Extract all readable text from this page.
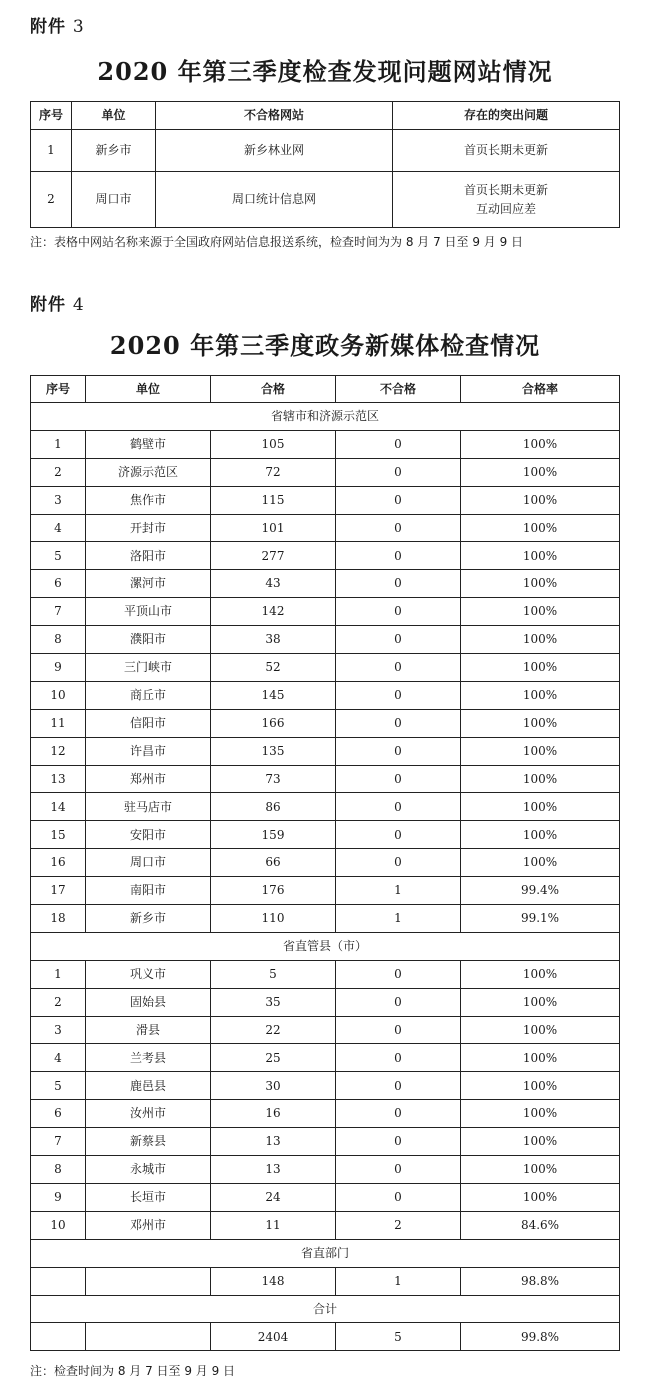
附件 3
2020 年第三季度检查发现问题网站情况
序号	单位	不合格网站	存在的突出问题
1	新乡市	新乡林业网	首页长期未更新

2	周口市	周口统计信息网	首页长期未更新
互动回应差
注：表格中网站名称来源于全国政府网站信息报送系统，检查时间为为 8 月 7 日至 9 月 9 日
附件 4
2020 年第三季度政务新媒体检查情况
序号	单位	合格	不合格	合格率
省辖市和济源示范区				
1	鹤壁市	105	0	100%
2	济源示范区	72	0	100%
3	焦作市	115	0	100%
4	开封市	101	0	100%
5	洛阳市	277	0	100%
6	漯河市	43	0	100%
7	平顶山市	142	0	100%
8	濮阳市	38	0	100%
9	三门峡市	52	0	100%
10	商丘市	145	0	100%
11	信阳市	166	0	100%
12	许昌市	135	0	100%
13	郑州市	73	0	100%
14	驻马店市	86	0	100%
15	安阳市	159	0	100%
16	周口市	66	0	100%
17	南阳市	176	1	99.4%
18	新乡市	110	1	99.1%
省直管县（市）				
1	巩义市	5	0	100%
2	固始县	35	0	100%
3	滑县	22	0	100%
4	兰考县	25	0	100%
5	鹿邑县	30	0	100%
6	汝州市	16	0	100%
7	新蔡县	13	0	100%
8	永城市	13	0	100%
9	长垣市	24	0	100%
10	邓州市	11	2	84.6%
省直部门				
		148	1	98.8%
合计				
		2404	5	99.8%
注：检查时间为 8 月 7 日至 9 月 9 日
